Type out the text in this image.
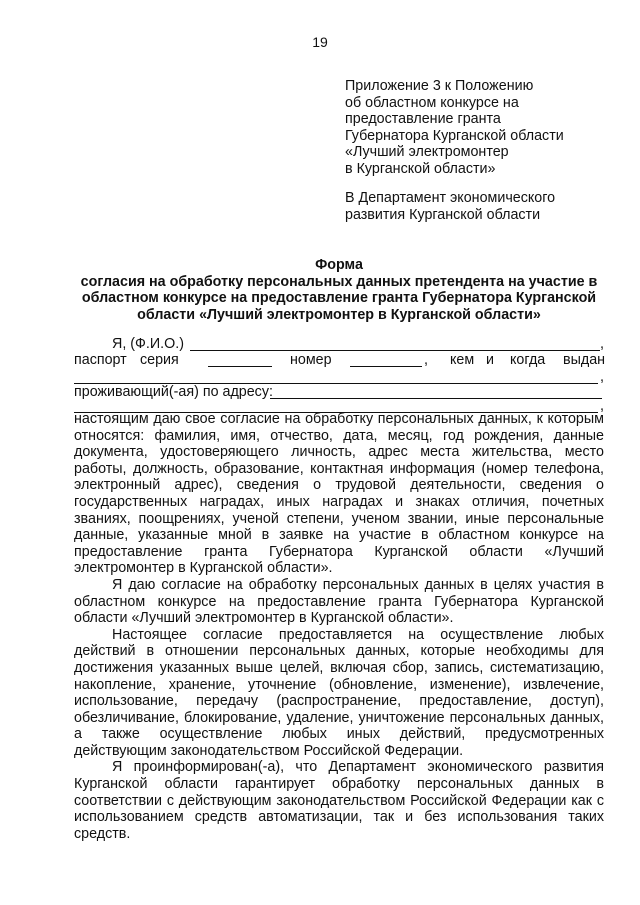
19
Приложение 3 к Положению
об областном конкурсе на
предоставление гранта
Губернатора Курганской области
«Лучший электромонтер
в Курганской области»
В Департамент экономического
развития Курганской области
Форма
согласия на обработку персональных данных претендента на участие в
областном конкурсе на предоставление гранта Губернатора Курганской
области «Лучший электромонтер в Курганской области»
Я, (Ф.И.О.)	,
паспорт серия	номер	, кем и когда выдан
,
проживающий(-ая) по адресу:
,

настоящим даю свое согласие на обработку персональных данных, к которым относятся: фамилия, имя, отчество, дата, месяц, год рождения, данные документа, удостоверяющего личность, адрес места жительства, место работы, должность, образование, контактная информация (номер телефона, электронный адрес), сведения о трудовой деятельности, сведения о государственных наградах, иных наградах и знаках отличия, почетных званиях, поощрениях, ученой степени, ученом звании, иные персональные данные, указанные мной в заявке на участие в областном конкурсе на предоставление гранта Губернатора Курганской области «Лучший электромонтер в Курганской области».

Я даю согласие на обработку персональных данных в целях участия в областном конкурсе на предоставление гранта Губернатора Курганской области «Лучший электромонтер в Курганской области».

Настоящее согласие предоставляется на осуществление любых действий в отношении персональных данных, которые необходимы для достижения указанных выше целей, включая сбор, запись, систематизацию, накопление, хранение, уточнение (обновление, изменение), извлечение, использование, передачу (распространение, предоставление, доступ), обезличивание, блокирование, удаление, уничтожение персональных данных, а также осуществление любых иных действий, предусмотренных действующим законодательством Российской Федерации.

Я проинформирован(-а), что Департамент экономического развития Курганской области гарантирует обработку персональных данных в соответствии с действующим законодательством Российской Федерации как с использованием средств автоматизации, так и без использования таких средств.
